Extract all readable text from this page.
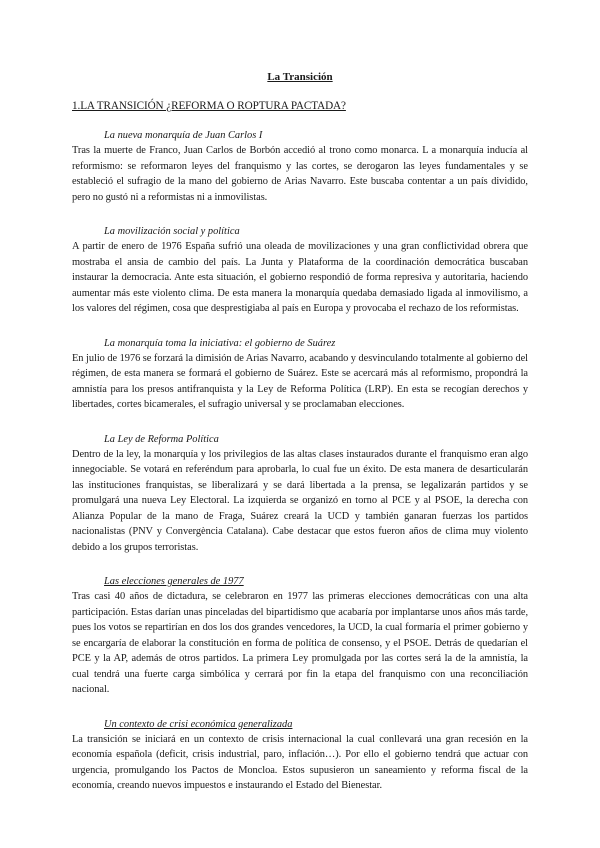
La Transición
1.LA TRANSICIÓN ¿REFORMA O ROPTURA PACTADA?
La nueva monarquía de Juan Carlos I

Tras la muerte de Franco, Juan Carlos de Borbón accedió al trono como monarca. L a monarquía inducía al reformismo: se reformaron leyes del franquismo y las cortes, se derogaron las leyes fundamentales y se estableció el sufragio de la mano del gobierno de Arias Navarro. Este buscaba contentar a un país dividido, pero no gustó ni a reformistas ni a inmovilistas.

La movilización social y política

A partir de enero de 1976 España sufrió una oleada de movilizaciones y una gran conflictividad obrera que mostraba el ansia de cambio del país. La Junta y Plataforma de la coordinación democrática buscaban instaurar la democracia. Ante esta situación, el gobierno respondió de forma represiva y autoritaria, haciendo aumentar más este violento clima. De esta manera la monarquía quedaba demasiado ligada al inmovilismo, a los valores del régimen, cosa que desprestigiaba al país en Europa y provocaba el rechazo de los reformistas.

La monarquía toma la iniciativa: el gobierno de Suárez

En julio de 1976 se forzará la dimisión de Arias Navarro, acabando y desvinculando totalmente al gobierno del régimen, de esta manera se formará el gobierno de Suárez. Este se acercará más al reformismo, propondrá la amnistía para los presos antifranquista y la Ley de Reforma Política (LRP). En esta se recogían derechos y libertades, cortes bicamerales, el sufragio universal y se proclamaban elecciones.

La Ley de Reforma Política

Dentro de la ley, la monarquía y los privilegios de las altas clases instaurados durante el franquismo eran algo innegociable. Se votará en referéndum para aprobarla, lo cual fue un éxito. De esta manera de desarticularán las instituciones franquistas, se liberalizará y se dará libertada a la prensa, se legalizarán partidos y se promulgará una nueva Ley Electoral. La izquierda se organizó en torno al PCE y al PSOE, la derecha con Alianza Popular de la mano de Fraga, Suárez creará la UCD y también ganaran fuerzas los partidos nacionalistas (PNV y Convergència Catalana). Cabe destacar que estos fueron años de clima muy violento debido a los grupos terroristas.

Las elecciones generales de 1977

Tras casi 40 años de dictadura, se celebraron en 1977 las primeras elecciones democráticas con una alta participación. Estas darían unas pinceladas del bipartidismo que acabaría por implantarse unos años más tarde, pues los votos se repartirían en dos los dos grandes vencedores, la UCD, la cual formaría el primer gobierno y se encargaría de elaborar la constitución en forma de política de consenso, y el PSOE. Detrás de quedarían el PCE y la AP, además de otros partidos. La primera Ley promulgada por las cortes será la de la amnistía, la cual tendrá una fuerte carga simbólica y cerrará por fin la etapa del franquismo con una reconciliación nacional.

Un contexto de crisi económica generalizada

La transición se iniciará en un contexto de crisis internacional la cual conllevará una gran recesión en la economía española (deficit, crisis industrial, paro, inflación…). Por ello el gobierno tendrá que actuar con urgencia, promulgando los Pactos de Moncloa. Estos supusieron un saneamiento y reforma fiscal de la economía, creando nuevos impuestos e instaurando el Estado del Bienestar.
